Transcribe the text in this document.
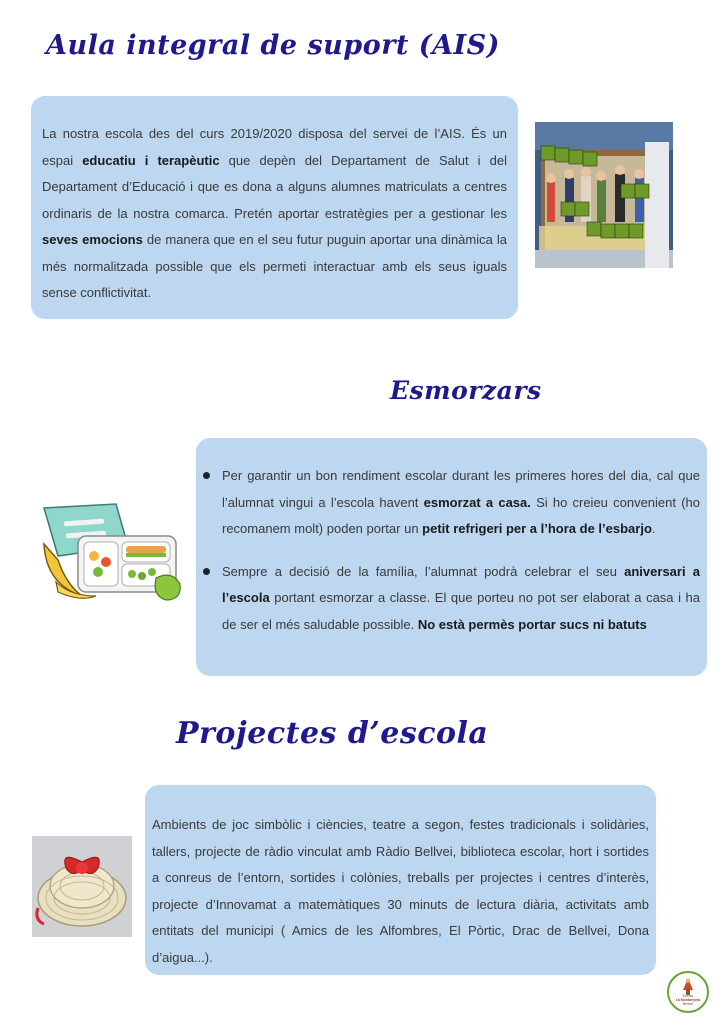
Aula integral de suport (AIS)

La nostra escola des del curs 2019/2020 disposa del servei de l’AIS. És un espai educatiu i terapèutic que depèn del Departament de Salut i del Departament d’Educació i que es dona a alguns alumnes matriculats a centres ordinaris de la nostra comarca. Pretén aportar estratègies per a gestionar les seves emocions de manera que en el seu futur puguin aportar una dinàmica la més normalitzada possible que els permeti interactuar amb els seus iguals sense conflictivitat.

Esmorzars
Per garantir un bon rendiment escolar durant les primeres hores del dia, cal que l’alumnat vingui a l’escola havent esmorzat a casa. Si ho creieu convenient (ho recomanem molt) poden portar un petit refrigeri per a l’hora de l’esbarjo.
Sempre a decisió de la família, l’alumnat podrà celebrar el seu aniversari a l’escola portant esmorzar a classe. El que porteu no pot ser elaborat a casa i ha de ser el més saludable possible. No està permès portar sucs ni batuts
Projectes d’escola

Ambients de joc simbòlic i ciències, teatre a segon, festes tradicionals i solidàries, tallers, projecte de ràdio vinculat amb Ràdio Bellvei, biblioteca escolar, hort i sortides a conreus de l’entorn, sortides i colònies, treballs per projectes i centres d’interès, projecte d’Innovamat a matemàtiques 30 minuts de lectura diària, activitats amb entitats del municipi ( Amics de les Alfombres, El Pòrtic, Drac de Bellvei, Dona d’aigua...).

Escola
La Muntanyeta
Bellvei
